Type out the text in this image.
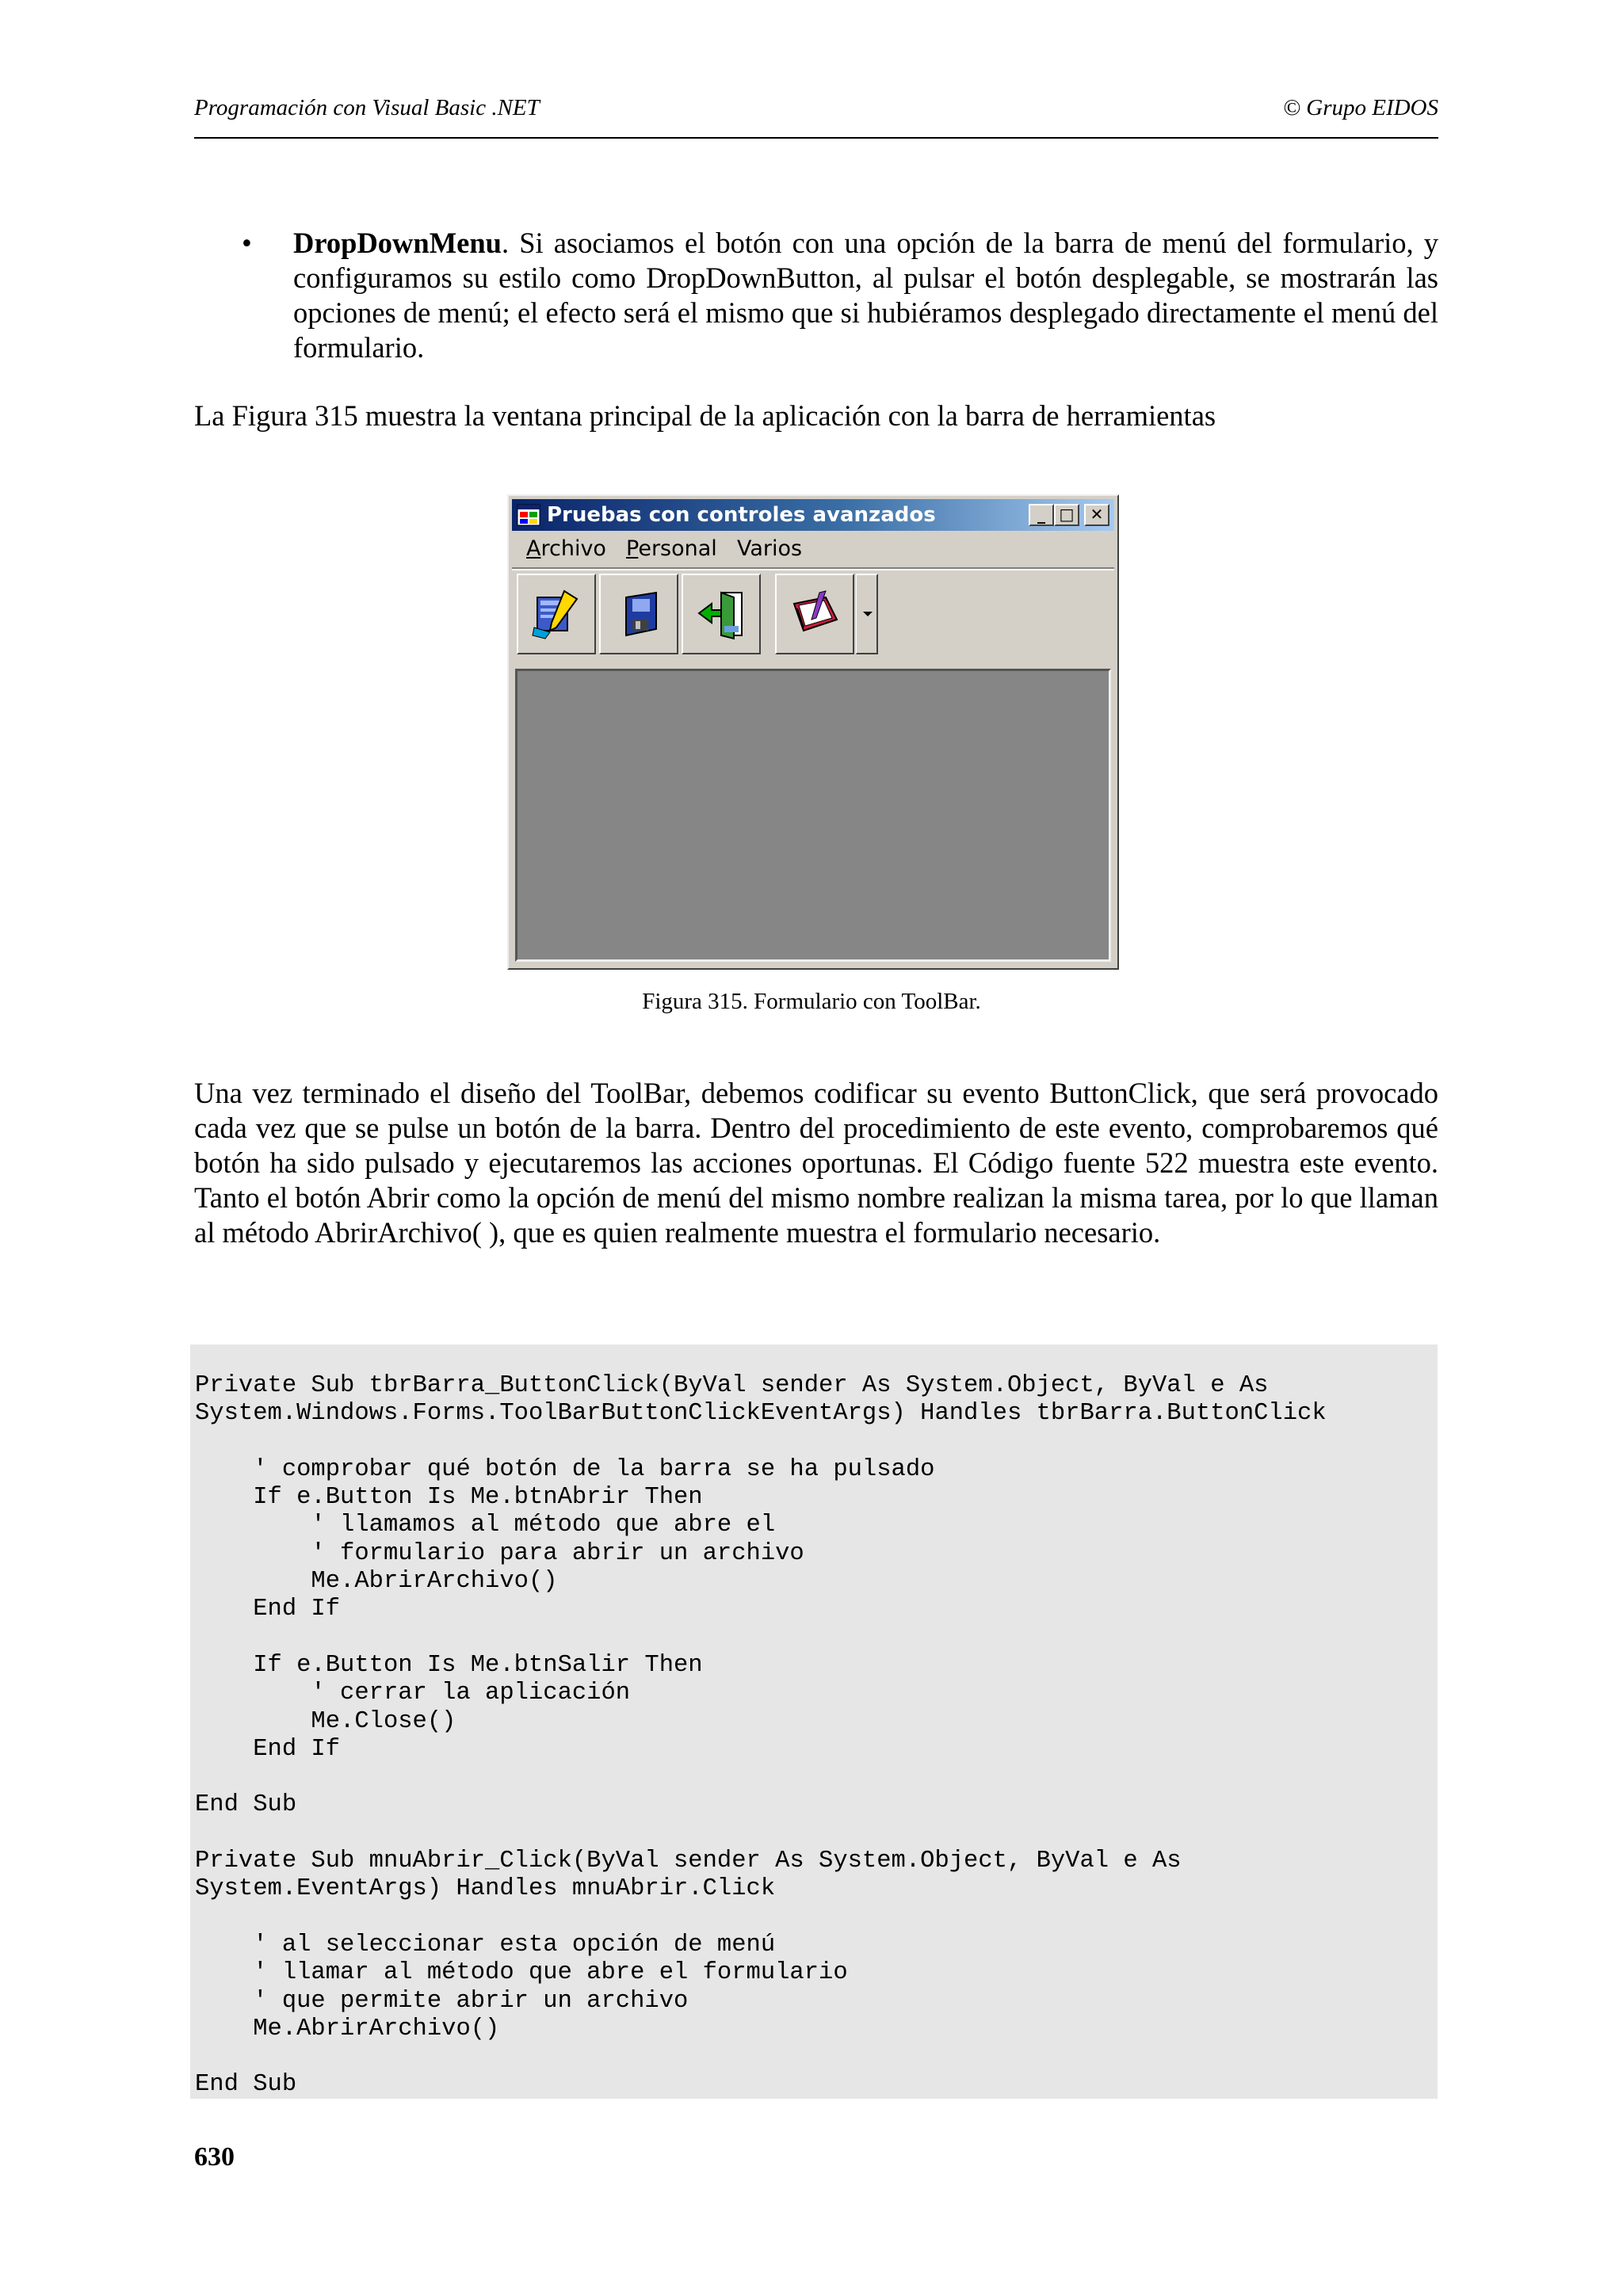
Programación con Visual Basic .NET	© Grupo EIDOS
• DropDownMenu. Si asociamos el botón con una opción de la barra de menú del formulario, y configuramos su estilo como DropDownButton, al pulsar el botón desplegable, se mostrarán las opciones de menú; el efecto será el mismo que si hubiéramos desplegado directamente el menú del formulario.
La Figura 315 muestra la ventana principal de la aplicación con la barra de herramientas
Pruebas con controles avanzados	_ □	✕
Archivo Personal Varios
Figura 315. Formulario con ToolBar.
Una vez terminado el diseño del ToolBar, debemos codificar su evento ButtonClick, que será provocado cada vez que se pulse un botón de la barra. Dentro del procedimiento de este evento, comprobaremos qué botón ha sido pulsado y ejecutaremos las acciones oportunas. El Código fuente 522 muestra este evento. Tanto el botón Abrir como la opción de menú del mismo nombre realizan la misma tarea, por lo que llaman al método AbrirArchivo( ), que es quien realmente muestra el formulario necesario.
Private Sub tbrBarra_ButtonClick(ByVal sender As System.Object, ByVal e As
System.Windows.Forms.ToolBarButtonClickEventArgs) Handles tbrBarra.ButtonClick

' comprobar qué botón de la barra se ha pulsado
If e.Button Is Me.btnAbrir Then
' llamamos al método que abre el
' formulario para abrir un archivo
Me.AbrirArchivo()
End If

If e.Button Is Me.btnSalir Then
' cerrar la aplicación
Me.Close()
End If

End Sub

Private Sub mnuAbrir_Click(ByVal sender As System.Object, ByVal e As
System.EventArgs) Handles mnuAbrir.Click

' al seleccionar esta opción de menú
' llamar al método que abre el formulario
' que permite abrir un archivo
Me.AbrirArchivo()

End Sub
630
